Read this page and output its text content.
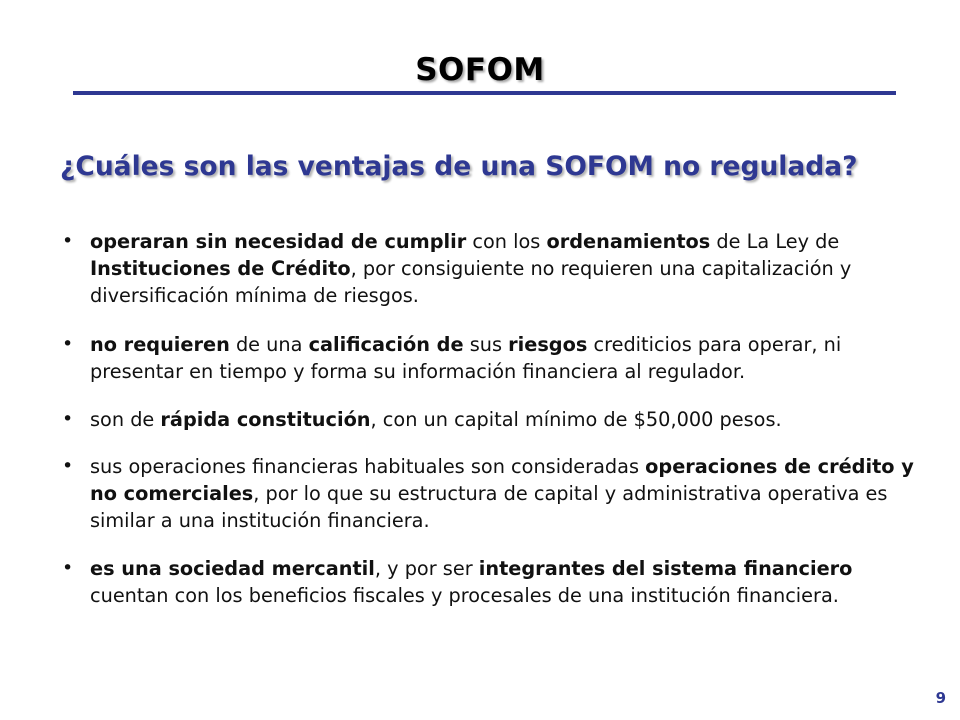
SOFOM
¿Cuáles son las ventajas de una SOFOM no regulada?
• operaran sin necesidad de cumplir con los ordenamientos de La Ley de Instituciones de Crédito, por consiguiente no requieren una capitalización y diversificación mínima de riesgos.
• no requieren de una calificación de sus riesgos crediticios para operar, ni presentar en tiempo y forma su información financiera al regulador.
• son de rápida constitución, con un capital mínimo de $50,000 pesos.
• sus operaciones financieras habituales son consideradas operaciones de crédito y no comerciales, por lo que su estructura de capital y administrativa operativa es similar a una institución financiera.
• es una sociedad mercantil, y por ser integrantes del sistema financiero cuentan con los beneficios fiscales y procesales de una institución financiera.
9
